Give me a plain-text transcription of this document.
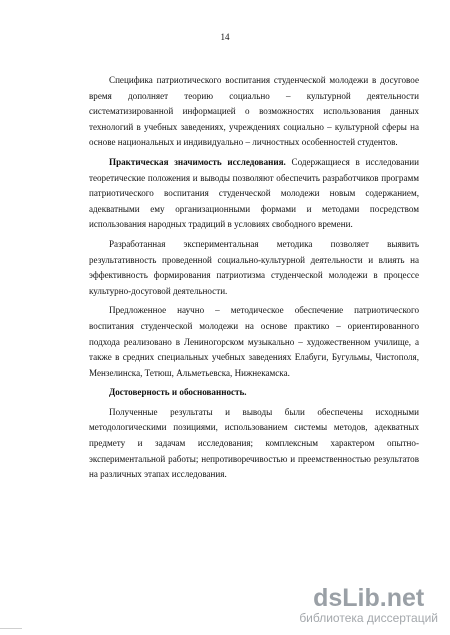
14

Специфика патриотического воспитания студенческой молодежи в досуговое время дополняет теорию социально – культурной деятельности систематизированной информацией о возможностях использования данных технологий в учебных заведениях, учреждениях социально – культурной сферы на основе национальных и индивидуально – личностных особенностей студентов.

Практическая значимость исследования. Содержащиеся в исследовании теоретические положения и выводы позволяют обеспечить разработчиков программ патриотического воспитания студенческой молодежи новым содержанием, адекватными ему организационными формами и методами посредством использования народных традиций в условиях свободного времени.

Разработанная экспериментальная методика позволяет выявить результативность проведенной социально-культурной деятельности и влиять на эффективность формирования патриотизма студенческой молодежи в процессе культурно-досуговой деятельности.

Предложенное научно – методическое обеспечение патриотического воспитания студенческой молодежи на основе практико – ориентированного подхода реализовано в Лениногорском музыкально – художественном училище, а также в средних специальных учебных заведениях Елабуги, Бугульмы, Чистополя, Мензелинска, Тетюш, Альметьевска, Нижнекамска.

Достоверность и обоснованность.

Полученные результаты и выводы были обеспечены исходными методологическими позициями, использованием системы методов, адекватных предмету и задачам исследования; комплексным характером опытно-экспериментальной работы; непротиворечивостью и преемственностью результатов на различных этапах исследования.

dsLib.net
библиотека диссертаций
